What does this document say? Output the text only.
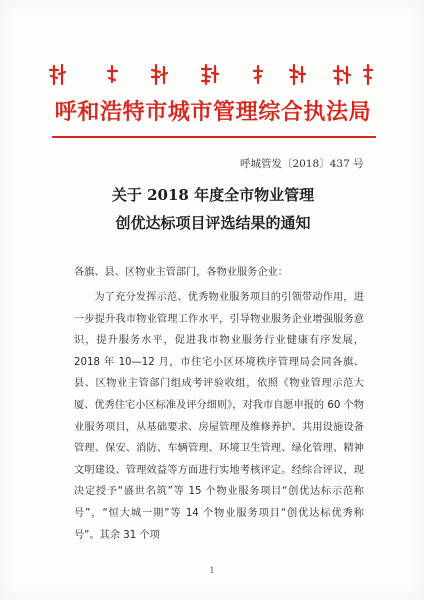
呼和浩特市城市管理综合执法局
呼城管发〔2018〕437 号
关于 2018 年度全市物业管理
创优达标项目评选结果的通知
各旗、县、区物业主管部门，各物业服务企业：
为了充分发挥示范、优秀物业服务项目的引领带动作用，进一步提升我市物业管理工作水平，引导物业服务企业增强服务意识，提升服务水平，促进我市物业服务行业健康有序发展，2018 年 10—12 月，市住宅小区环境秩序管理局会同各旗、县、区物业主管部门组成考评验收组，依照《物业管理示范大厦、优秀住宅小区标准及评分细则》，对我市自愿申报的 60 个物业服务项目，从基础要求、房屋管理及维修养护、共用设施设备管理、保安、消防、车辆管理、环境卫生管理、绿化管理、精神文明建设、管理效益等方面进行实地考核评定。经综合评议，现决定授予“盛世名筑”等 15 个物业服务项目“创优达标示范称号”，“恒大城一期”等 14 个物业服务项目“创优达标优秀称号”。其余 31 个项
1
